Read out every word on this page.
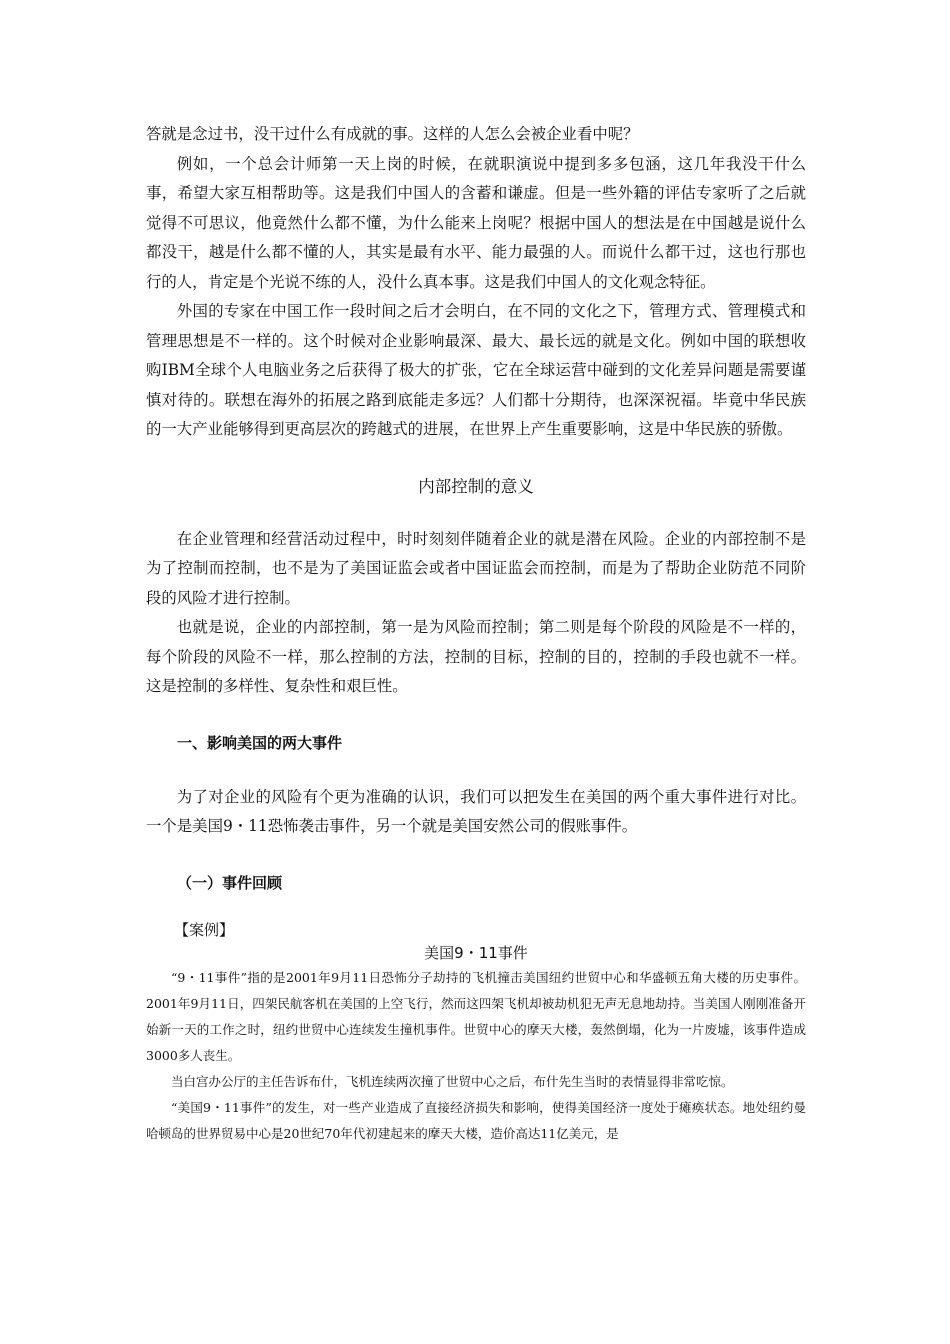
答就是念过书，没干过什么有成就的事。这样的人怎么会被企业看中呢？

例如，一个总会计师第一天上岗的时候，在就职演说中提到多多包涵，这几年我没干什么事，希望大家互相帮助等。这是我们中国人的含蓄和谦虚。但是一些外籍的评估专家听了之后就觉得不可思议，他竟然什么都不懂，为什么能来上岗呢？根据中国人的想法是在中国越是说什么都没干，越是什么都不懂的人，其实是最有水平、能力最强的人。而说什么都干过，这也行那也行的人，肯定是个光说不练的人，没什么真本事。这是我们中国人的文化观念特征。

外国的专家在中国工作一段时间之后才会明白，在不同的文化之下，管理方式、管理模式和管理思想是不一样的。这个时候对企业影响最深、最大、最长远的就是文化。例如中国的联想收购IBM全球个人电脑业务之后获得了极大的扩张，它在全球运营中碰到的文化差异问题是需要谨慎对待的。联想在海外的拓展之路到底能走多远？人们都十分期待，也深深祝福。毕竟中华民族的一大产业能够得到更高层次的跨越式的进展，在世界上产生重要影响，这是中华民族的骄傲。

内部控制的意义

在企业管理和经营活动过程中，时时刻刻伴随着企业的就是潜在风险。企业的内部控制不是为了控制而控制，也不是为了美国证监会或者中国证监会而控制，而是为了帮助企业防范不同阶段的风险才进行控制。

也就是说，企业的内部控制，第一是为风险而控制；第二则是每个阶段的风险是不一样的，每个阶段的风险不一样，那么控制的方法，控制的目标，控制的目的，控制的手段也就不一样。这是控制的多样性、复杂性和艰巨性。

一、影响美国的两大事件

为了对企业的风险有个更为准确的认识，我们可以把发生在美国的两个重大事件进行对比。一个是美国9・11恐怖袭击事件，另一个就是美国安然公司的假账事件。

（一）事件回顾
【案例】
美国9・11事件

“9・11事件”指的是2001年9月11日恐怖分子劫持的飞机撞击美国纽约世贸中心和华盛顿五角大楼的历史事件。2001年9月11日，四架民航客机在美国的上空飞行，然而这四架飞机却被劫机犯无声无息地劫持。当美国人刚刚准备开始新一天的工作之时，纽约世贸中心连续发生撞机事件。世贸中心的摩天大楼，轰然倒塌，化为一片废墟，该事件造成3000多人丧生。

当白宫办公厅的主任告诉布什，飞机连续两次撞了世贸中心之后，布什先生当时的表情显得非常吃惊。

“美国9・11事件”的发生，对一些产业造成了直接经济损失和影响，使得美国经济一度处于瘫痪状态。地处纽约曼哈顿岛的世界贸易中心是20世纪70年代初建起来的摩天大楼，造价高达11亿美元，是
